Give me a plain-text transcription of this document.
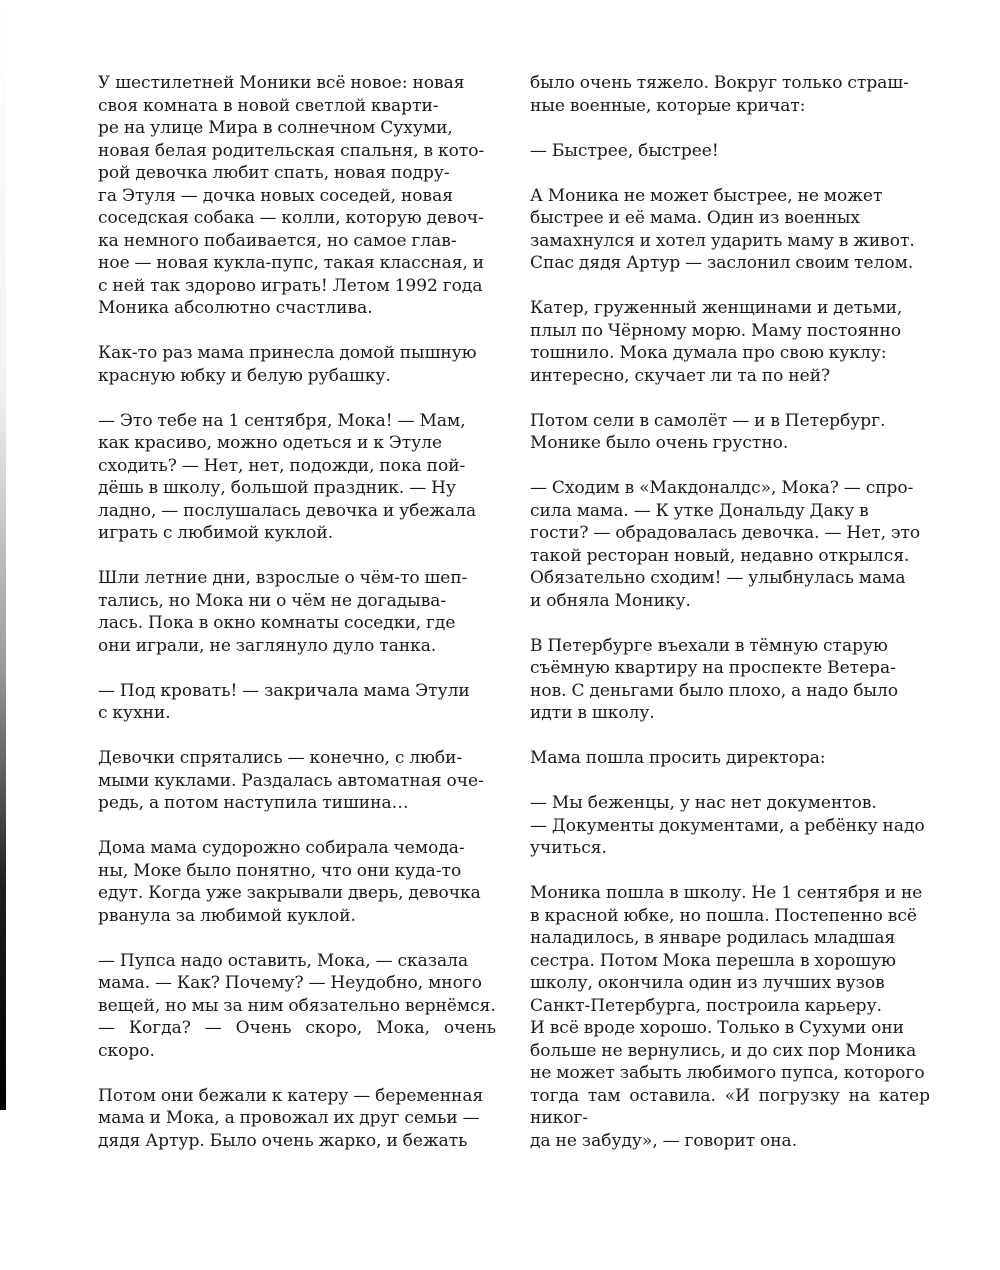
У шестилетней Моники всё новое: новая
своя комната в новой светлой кварти-
ре на улице Мира в солнечном Сухуми,
новая белая родительская спальня, в кото-
рой девочка любит спать, новая подру-
га Этуля — дочка новых соседей, новая
соседская собака — колли, которую девоч-
ка немного побаивается, но самое глав-
ное — новая кукла-пупс, такая классная, и
с ней так здорово играть! Летом 1992 года
Моника абсолютно счастлива.

Как-то раз мама принесла домой пышную
красную юбку и белую рубашку.

— Это тебе на 1 сентября, Мока! — Мам,
как красиво, можно одеться и к Этуле
сходить? — Нет, нет, подожди, пока пой-
дёшь в школу, большой праздник. — Ну
ладно, — послушалась девочка и убежала
играть с любимой куклой.

Шли летние дни, взрослые о чём-то шеп-
тались, но Мока ни о чём не догадыва-
лась. Пока в окно комнаты соседки, где
они играли, не заглянуло дуло танка.

— Под кровать! — закричала мама Этули
с кухни.

Девочки спрятались — конечно, с люби-
мыми куклами. Раздалась автоматная оче-
редь, а потом наступила тишина…

Дома мама судорожно собирала чемода-
ны, Моке было понятно, что они куда-то
едут. Когда уже закрывали дверь, девочка
рванула за любимой куклой.

— Пупса надо оставить, Мока, — сказала
мама. — Как? Почему? — Неудобно, много
вещей, но мы за ним обязательно вернёмся.
— Когда? — Очень скоро, Мока, очень скоро.

Потом они бежали к катеру — беременная
мама и Мока, а провожал их друг семьи —
дядя Артур. Было очень жарко, и бежать

было очень тяжело. Вокруг только страш-
ные военные, которые кричат:

— Быстрее, быстрее!

А Моника не может быстрее, не может
быстрее и её мама. Один из военных
замахнулся и хотел ударить маму в живот.
Спас дядя Артур — заслонил своим телом.

Катер, груженный женщинами и детьми,
плыл по Чёрному морю. Маму постоянно
тошнило. Мока думала про свою куклу:
интересно, скучает ли та по ней?

Потом сели в самолёт — и в Петербург.
Монике было очень грустно.

— Сходим в «Макдоналдс», Мока? — спро-
сила мама. — К утке Дональду Даку в
гости? — обрадовалась девочка. — Нет, это
такой ресторан новый, недавно открылся.
Обязательно сходим! — улыбнулась мама
и обняла Монику.

В Петербурге въехали в тёмную старую
съёмную квартиру на проспекте Ветера-
нов. С деньгами было плохо, а надо было
идти в школу.

Мама пошла просить директора:

— Мы беженцы, у нас нет документов.
— Документы документами, а ребёнку надо
учиться.

Моника пошла в школу. Не 1 сентября и не
в красной юбке, но пошла. Постепенно всё
наладилось, в январе родилась младшая
сестра. Потом Мока перешла в хорошую
школу, окончила один из лучших вузов
Санкт-Петербурга, построила карьеру.
И всё вроде хорошо. Только в Сухуми они
больше не вернулись, и до сих пор Моника
не может забыть любимого пупса, которого
тогда там оставила. «И погрузку на катер никог-
да не забуду», — говорит она.
